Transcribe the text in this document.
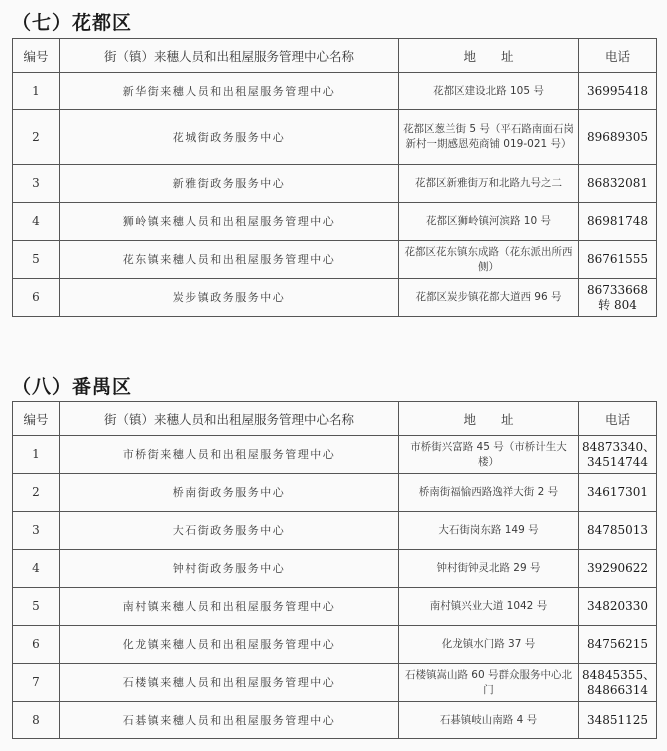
（七）花都区
编号	街（镇）来穗人员和出租屋服务管理中心名称	地　　址	电话
1	新华街来穗人员和出租屋服务管理中心	花都区建设北路 105 号	36995418
2	花城街政务服务中心	花都区葱兰街 5 号（平石路南面石岗新村一期感恩苑商铺 019-021 号）	89689305
3	新雅街政务服务中心	花都区新雅街万和北路九号之二	86832081
4	狮岭镇来穗人员和出租屋服务管理中心	花都区狮岭镇河滨路 10 号	86981748
5	花东镇来穗人员和出租屋服务管理中心	花都区花东镇东成路（花东派出所西侧）	86761555
6	炭步镇政务服务中心	花都区炭步镇花都大道西 96 号	86733668 转 804
（八）番禺区
编号	街（镇）来穗人员和出租屋服务管理中心名称	地　　址	电话
1	市桥街来穗人员和出租屋服务管理中心	市桥街兴富路 45 号（市桥计生大楼）	84873340、34514744
2	桥南街政务服务中心	桥南街福愉西路逸祥大街 2 号	34617301
3	大石街政务服务中心	大石街岗东路 149 号	84785013
4	钟村街政务服务中心	钟村街钟灵北路 29 号	39290622
5	南村镇来穗人员和出租屋服务管理中心	南村镇兴业大道 1042 号	34820330
6	化龙镇来穗人员和出租屋服务管理中心	化龙镇水门路 37 号	84756215
7	石楼镇来穗人员和出租屋服务管理中心	石楼镇嵩山路 60 号群众服务中心北门	84845355、84866314
8	石碁镇来穗人员和出租屋服务管理中心	石碁镇岐山南路 4 号	34851125
